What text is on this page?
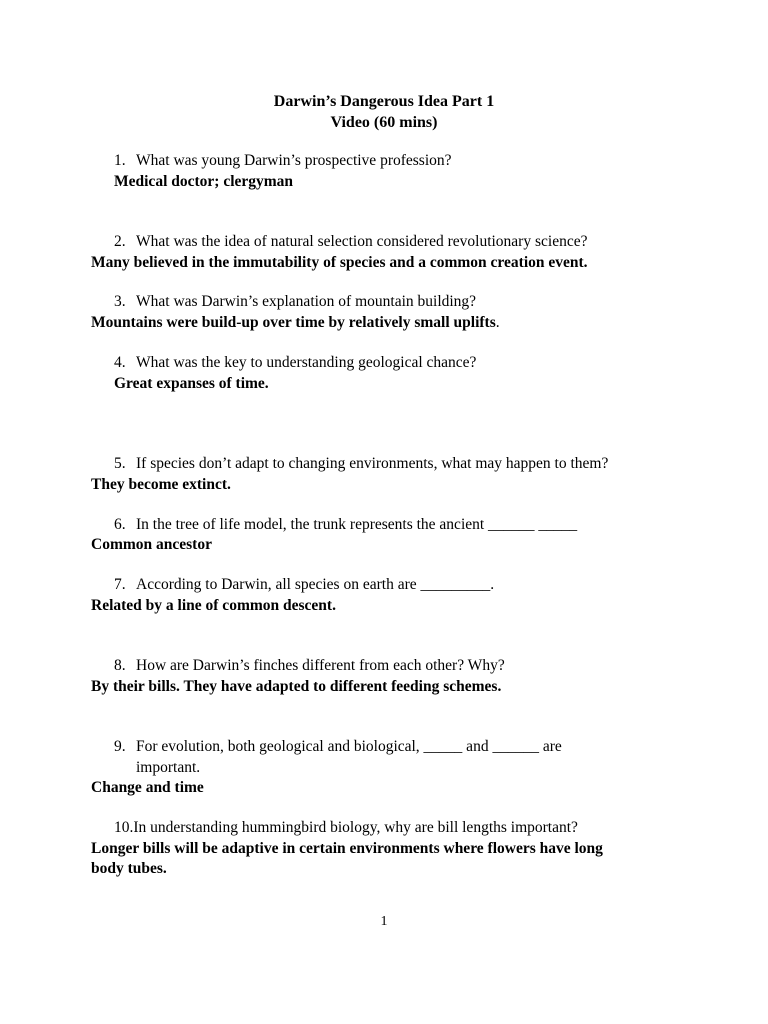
Darwin’s Dangerous Idea Part 1
Video (60 mins)
1. What was young Darwin’s prospective profession?
Medical doctor; clergyman
2. What was the idea of natural selection considered revolutionary science?
Many believed in the immutability of species and a common creation event.
3. What was Darwin’s explanation of mountain building?
Mountains were build-up over time by relatively small uplifts.
4. What was the key to understanding geological chance?
Great expanses of time.
5. If species don’t adapt to changing environments, what may happen to them?
They become extinct.
6. In the tree of life model, the trunk represents the ancient ______ _____
Common ancestor
7. According to Darwin, all species on earth are _________.
Related by a line of common descent.
8. How are Darwin’s finches different from each other? Why?
By their bills. They have adapted to different feeding schemes.
9. For evolution, both geological and biological, _____ and ______ are
important.
Change and time
10.In understanding hummingbird biology, why are bill lengths important?
Longer bills will be adaptive in certain environments where flowers have long
body tubes.
1
